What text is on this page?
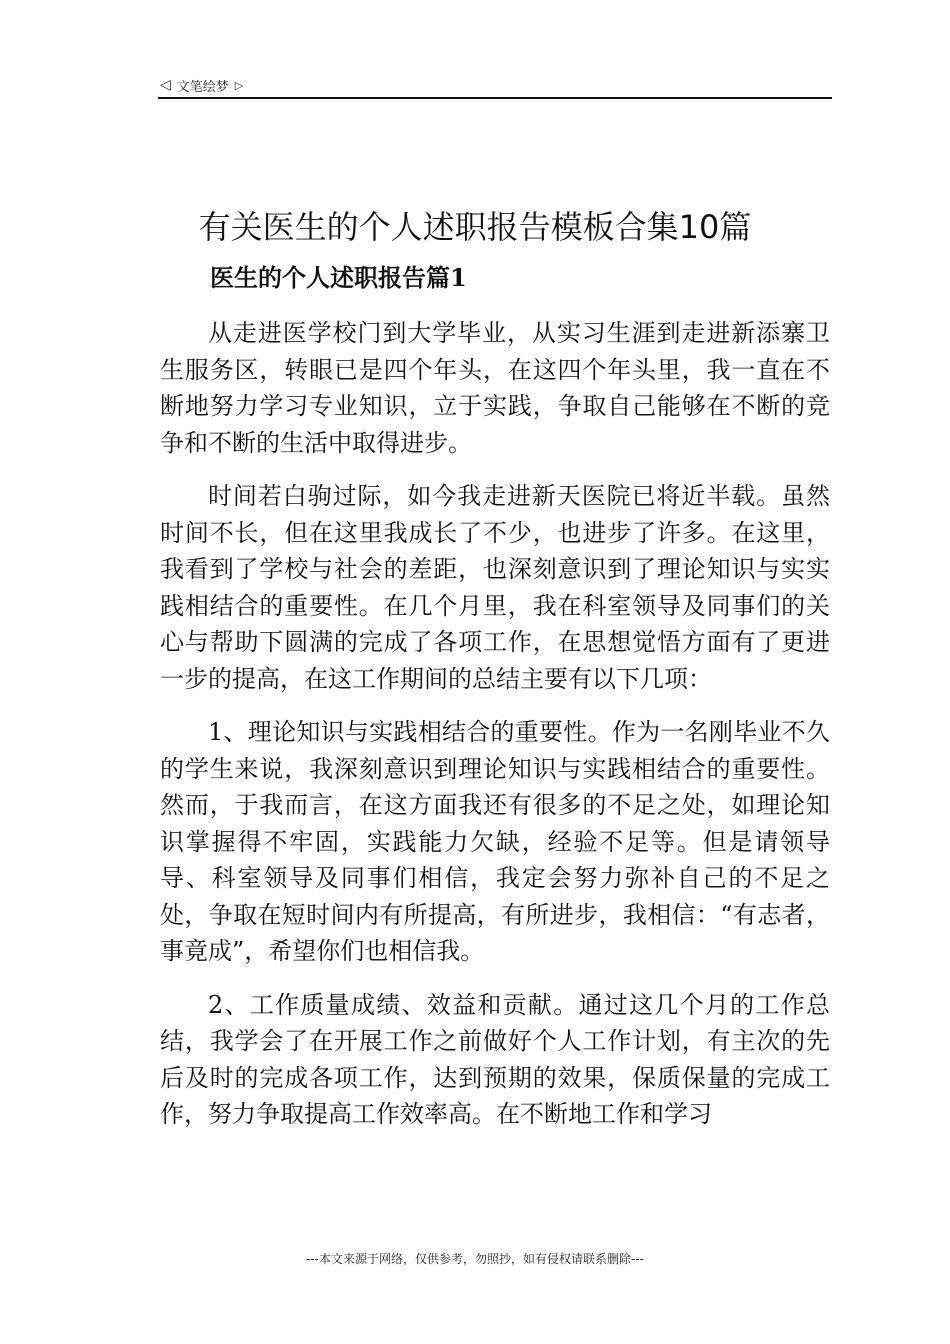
◁ 文笔绘梦 ▷
有关医生的个人述职报告模板合集10篇
医生的个人述职报告篇1

从走进医学校门到大学毕业，从实习生涯到走进新添寨卫生服务区，转眼已是四个年头，在这四个年头里，我一直在不断地努力学习专业知识，立于实践，争取自己能够在不断的竞争和不断的生活中取得进步。

时间若白驹过际，如今我走进新天医院已将近半载。虽然时间不长，但在这里我成长了不少，也进步了许多。在这里，我看到了学校与社会的差距，也深刻意识到了理论知识与实实践相结合的重要性。在几个月里，我在科室领导及同事们的关心与帮助下圆满的完成了各项工作，在思想觉悟方面有了更进一步的提高，在这工作期间的总结主要有以下几项：

1、理论知识与实践相结合的重要性。作为一名刚毕业不久的学生来说，我深刻意识到理论知识与实践相结合的重要性。然而，于我而言，在这方面我还有很多的不足之处，如理论知识掌握得不牢固，实践能力欠缺，经验不足等。但是请领导导、科室领导及同事们相信，我定会努力弥补自己的不足之处，争取在短时间内有所提高，有所进步，我相信：“有志者，事竟成”，希望你们也相信我。

2、工作质量成绩、效益和贡献。通过这几个月的工作总结，我学会了在开展工作之前做好个人工作计划，有主次的先后及时的完成各项工作，达到预期的效果，保质保量的完成工作，努力争取提高工作效率高。在不断地工作和学习

---本文来源于网络，仅供参考，勿照抄，如有侵权请联系删除---
